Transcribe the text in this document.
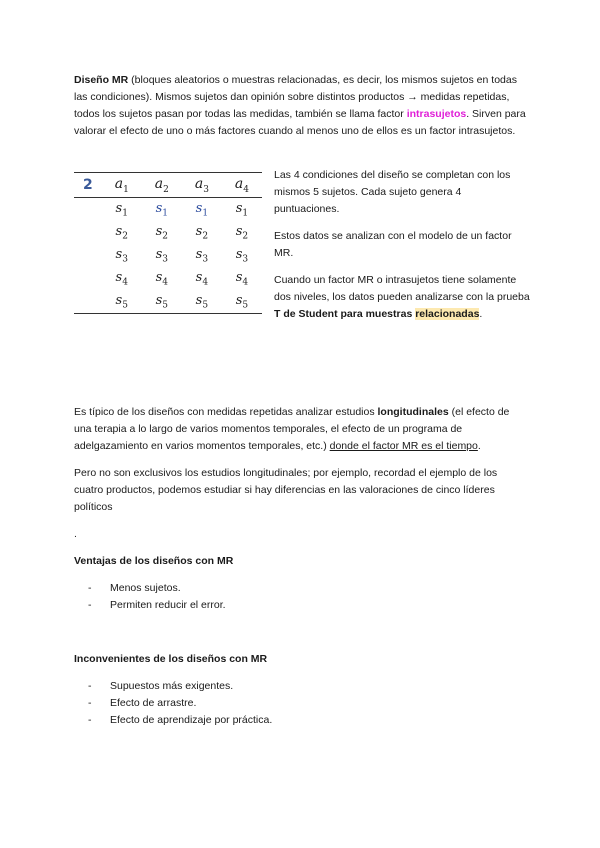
Diseño MR (bloques aleatorios o muestras relacionadas, es decir, los mismos sujetos en todas las condiciones). Mismos sujetos dan opinión sobre distintos productos → medidas repetidas, todos los sujetos pasan por todas las medidas, también se llama factor intrasujetos. Sirven para valorar el efecto de uno o más factores cuando al menos uno de ellos es un factor intrasujetos.
2	$a_1$	$a_2$	$a_3$	$a_4$
	$s_1$	$s_1$	$s_1$	$s_1$
	$s_2$	$s_2$	$s_2$	$s_2$
	$s_3$	$s_3$	$s_3$	$s_3$
	$s_4$	$s_4$	$s_4$	$s_4$
	$s_5$	$s_5$	$s_5$	$s_5$
Las 4 condiciones del diseño se completan con los mismos 5 sujetos. Cada sujeto genera 4 puntuaciones.
Estos datos se analizan con el modelo de un factor MR.
Cuando un factor MR o intrasujetos tiene solamente dos niveles, los datos pueden analizarse con la prueba T de Student para muestras relacionadas.
Es típico de los diseños con medidas repetidas analizar estudios longitudinales (el efecto de una terapia a lo largo de varios momentos temporales, el efecto de un programa de adelgazamiento en varios momentos temporales, etc.) donde el factor MR es el tiempo.
Pero no son exclusivos los estudios longitudinales; por ejemplo, recordad el ejemplo de los cuatro productos, podemos estudiar si hay diferencias en las valoraciones de cinco líderes políticos
.
Ventajas de los diseños con MR
- Menos sujetos.
- Permiten reducir el error.
Inconvenientes de los diseños con MR
- Supuestos más exigentes.
- Efecto de arrastre.
- Efecto de aprendizaje por práctica.
